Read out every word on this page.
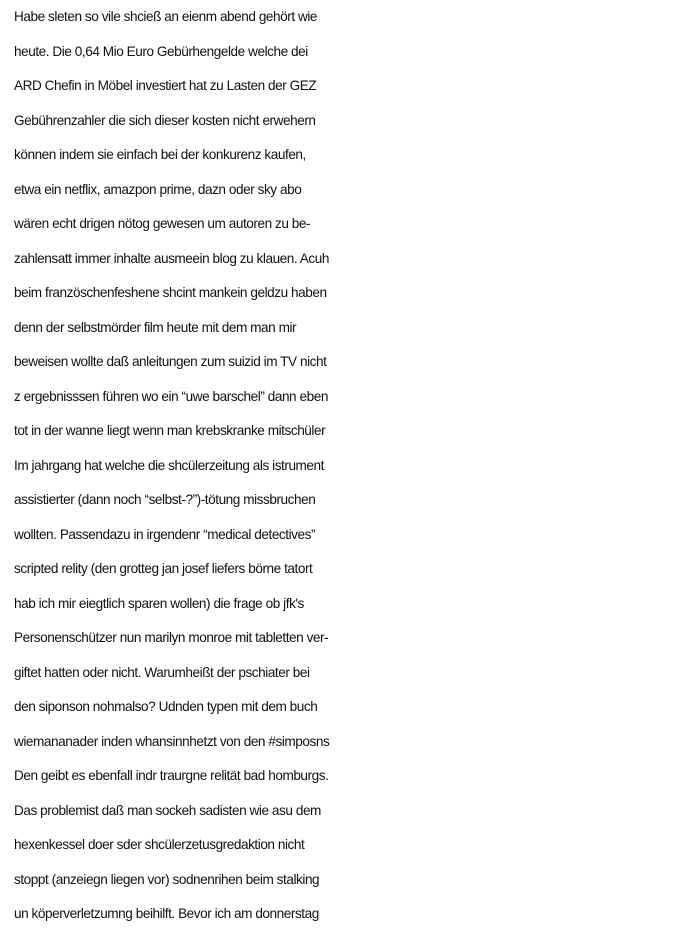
Habe sleten so vile shcieß an eienm abend gehört wie
heute. Die 0,64 Mio Euro Gebürhengelde welche dei
ARD Chefin in Möbel investiert hat zu Lasten der GEZ
Gebührenzahler die sich dieser kosten nicht erwehern
können indem sie einfach bei der konkurenz kaufen,
etwa ein netflix, amazpon prime, dazn oder sky abo
wären echt drigen nötog gewesen um autoren zu be-
zahlensatt immer inhalte ausmeein blog zu klauen. Acuh
beim französchenfeshene shcint mankein geldzu haben
denn der selbstmörder film heute mit dem man mir
beweisen wollte daß anleitungen zum suizid im TV nicht
z ergebnisssen führen wo ein “uwe barschel” dann eben
tot in der wanne liegt wenn man krebskranke mitschüler
Im jahrgang hat welche die shcülerzeitung als istrument
assistierter (dann noch “selbst-?”)-tötung missbruchen
wollten. Passendazu in irgendenr “medical detectives”
scripted relity (den grotteg jan josef liefers börne tatort
hab ich mir eiegtlich sparen wollen) die frage ob jfk's
Personenschützer nun marilyn monroe mit tabletten ver-
giftet hatten oder nicht. Warumheißt der pschiater bei
den siponson nohmalso? Udnden typen mit dem buch
wiemananader inden whansinnhetzt von den #simposns
Den geibt es ebenfall indr traurgne relität bad homburgs.
Das problemist daß man sockeh sadisten wie asu dem
hexenkessel doer sder shcülerzetusgredaktion nicht
stoppt (anzeiegn liegen vor) sodnenrihen beim stalking
un köperverletzumng beihilft. Bevor ich am donnerstag
